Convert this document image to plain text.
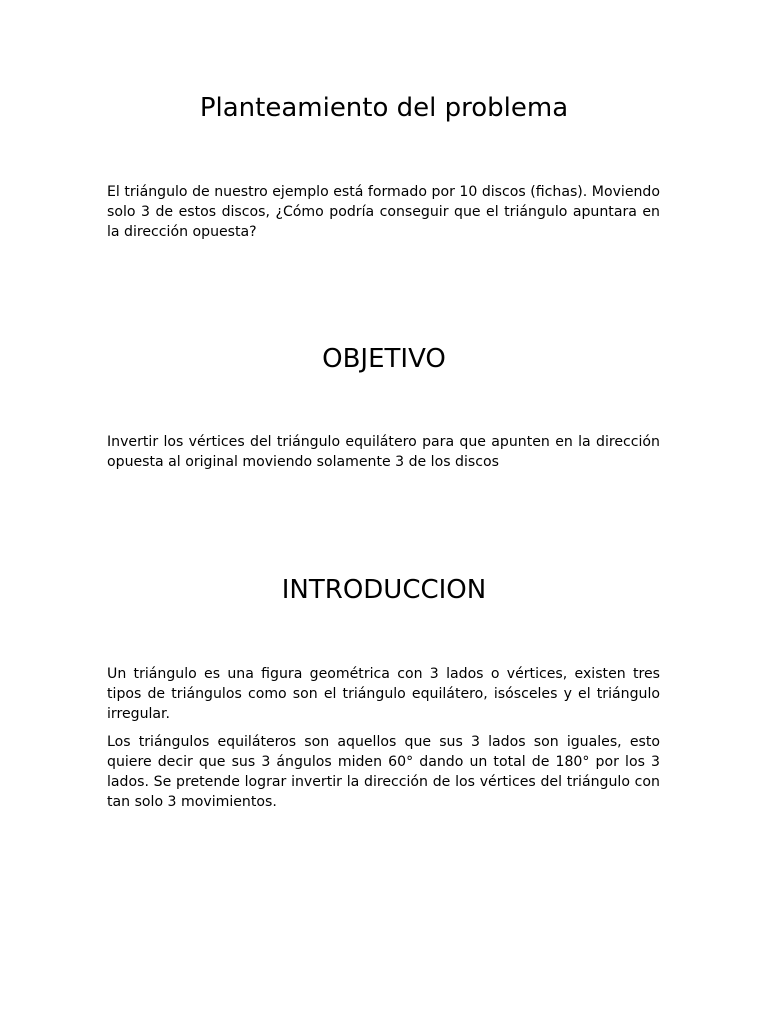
Planteamiento del problema

El triángulo de nuestro ejemplo está formado por 10 discos (fichas). Moviendo solo 3 de estos discos, ¿Cómo podría conseguir que el triángulo apuntara en la dirección opuesta?

OBJETIVO

Invertir los vértices del triángulo equilátero para que apunten en la dirección opuesta al original moviendo solamente 3 de los discos

INTRODUCCION

Un triángulo es una figura geométrica con 3 lados o vértices, existen tres tipos de triángulos como son el triángulo equilátero, isósceles y el triángulo irregular.

Los triángulos equiláteros son aquellos que sus 3 lados son iguales, esto quiere decir que sus 3 ángulos miden 60° dando un total de 180° por los 3 lados. Se pretende lograr invertir la dirección de los vértices del triángulo con tan solo 3 movimientos.
